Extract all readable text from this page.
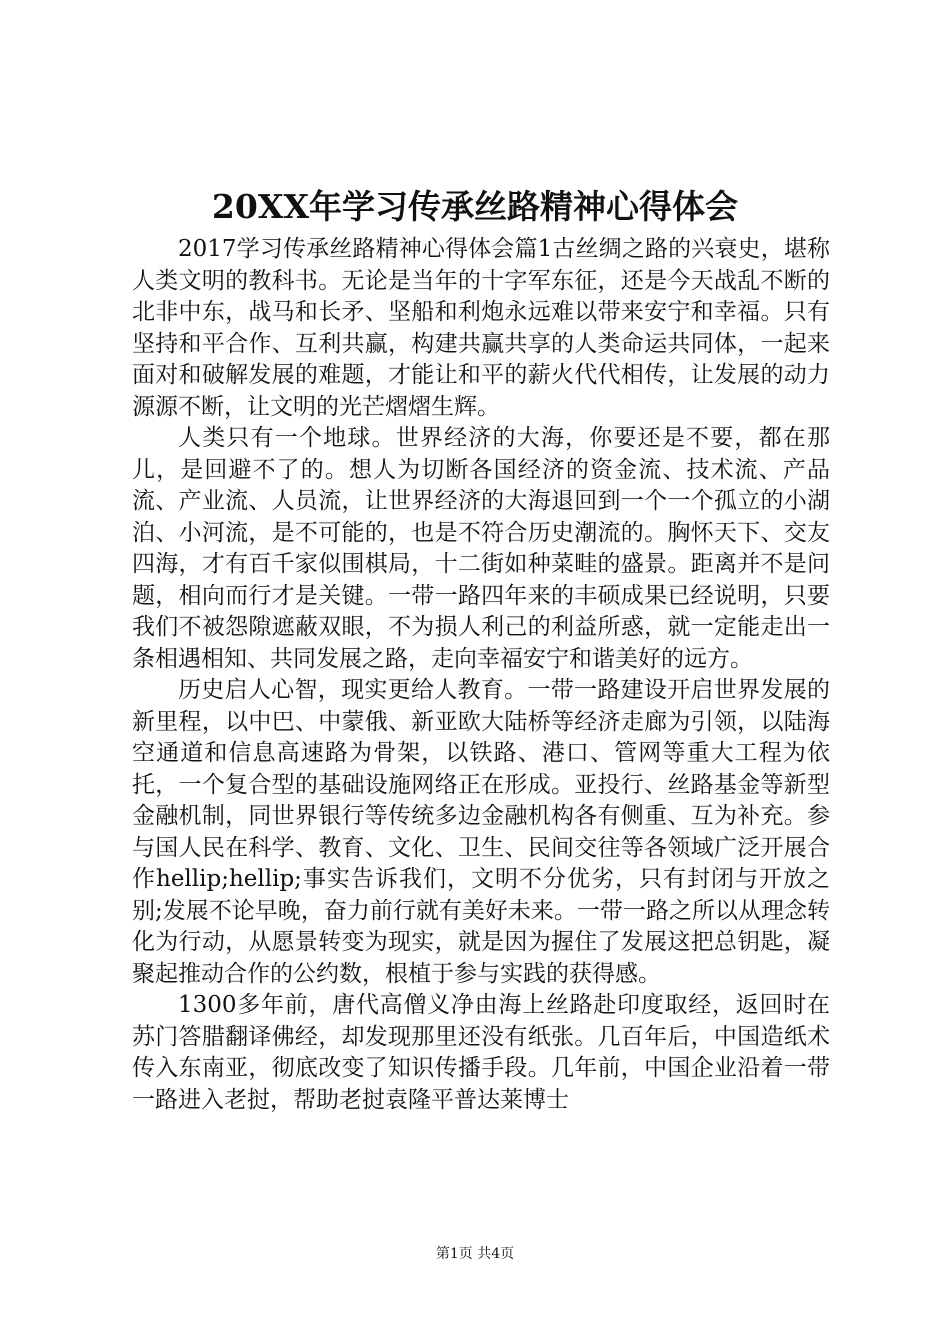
20XX年学习传承丝路精神心得体会

2017学习传承丝路精神心得体会篇1古丝绸之路的兴衰史，堪称人类文明的教科书。无论是当年的十字军东征，还是今天战乱不断的北非中东，战马和长矛、坚船和利炮永远难以带来安宁和幸福。只有坚持和平合作、互利共赢，构建共赢共享的人类命运共同体，一起来面对和破解发展的难题，才能让和平的薪火代代相传，让发展的动力源源不断，让文明的光芒熠熠生辉。

人类只有一个地球。世界经济的大海，你要还是不要，都在那儿，是回避不了的。想人为切断各国经济的资金流、技术流、产品流、产业流、人员流，让世界经济的大海退回到一个一个孤立的小湖泊、小河流，是不可能的，也是不符合历史潮流的。胸怀天下、交友四海，才有百千家似围棋局，十二街如种菜畦的盛景。距离并不是问题，相向而行才是关键。一带一路四年来的丰硕成果已经说明，只要我们不被怨隙遮蔽双眼，不为损人利己的利益所惑，就一定能走出一条相遇相知、共同发展之路，走向幸福安宁和谐美好的远方。

历史启人心智，现实更给人教育。一带一路建设开启世界发展的新里程，以中巴、中蒙俄、新亚欧大陆桥等经济走廊为引领，以陆海空通道和信息高速路为骨架，以铁路、港口、管网等重大工程为依托，一个复合型的基础设施网络正在形成。亚投行、丝路基金等新型金融机制，同世界银行等传统多边金融机构各有侧重、互为补充。参与国人民在科学、教育、文化、卫生、民间交往等各领域广泛开展合作hellip;hellip;事实告诉我们，文明不分优劣，只有封闭与开放之别;发展不论早晚，奋力前行就有美好未来。一带一路之所以从理念转化为行动，从愿景转变为现实，就是因为握住了发展这把总钥匙，凝聚起推动合作的公约数，根植于参与实践的获得感。

1300多年前，唐代高僧义净由海上丝路赴印度取经，返回时在苏门答腊翻译佛经，却发现那里还没有纸张。几百年后，中国造纸术传入东南亚，彻底改变了知识传播手段。几年前，中国企业沿着一带一路进入老挝，帮助老挝袁隆平普达莱博士

第1页 共4页
